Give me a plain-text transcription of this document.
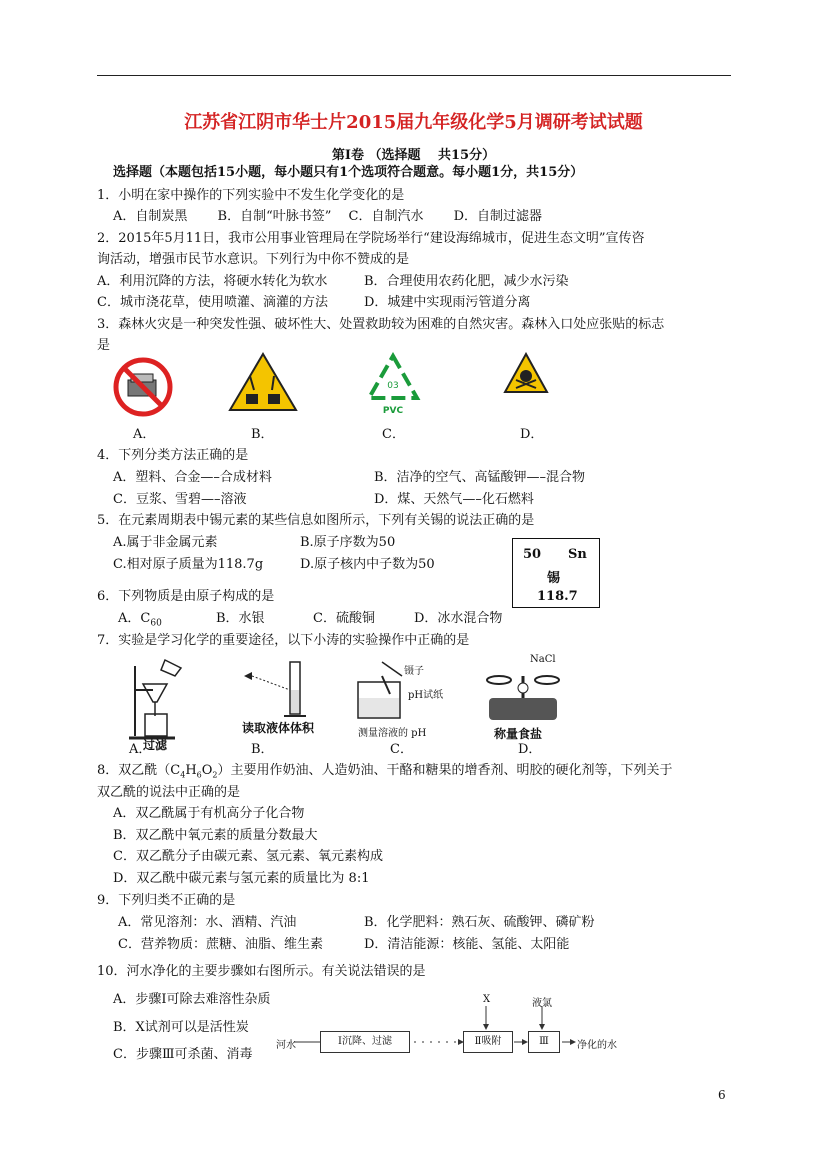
江苏省江阴市华士片2015届九年级化学5月调研考试试题
第Ⅰ卷 （选择题　 共15分）
选择题（本题包括15小题，每小题只有1个选项符合题意。每小题1分，共15分）
1．小明在家中操作的下列实验中不发生化学变化的是
A．自制炭黑　　 B．自制“叶脉书签”　 C．自制汽水　　 D．自制过滤器
2．2015年5月11日，我市公用事业管理局在学院场举行“建设海绵城市，促进生态文明”宣传咨
询活动，增强市民节水意识。下列行为中你不赞成的是
A．利用沉降的方法，将硬水转化为软水	B．合理使用农药化肥，减少水污染
C．城市浇花草，使用喷灌、滴灌的方法	D．城建中实现雨污管道分离
3．森林火灾是一种突发性强、破坏性大、处置救助较为困难的自然灾害。森林入口处应张贴的标志
是
03
PVC
A．	B．	C．	D．
4．下列分类方法正确的是
A．塑料、合金—–合成材料	B．洁净的空气、高锰酸钾—–混合物
C．豆浆、雪碧—–溶液	D．煤、天然气—–化石燃料
5．在元素周期表中锡元素的某些信息如图所示，下列有关锡的说法正确的是
A.属于非金属元素	B.原子序数为50
C.相对原子质量为118.7g	D.原子核内中子数为50
50 Sn
锡
118.7
6．下列物质是由原子构成的是
A．$C_{60}$	B．水银	C．硫酸铜	D．冰水混合物
7．实验是学习化学的重要途径，以下小涛的实验操作中正确的是
过滤
读取液体体积
镊子
pH试纸
测量溶液的 pH
NaCl
称量食盐
A．	B．	C．	D．
8．双乙酰$(C_4H_6O_2)$主要用作奶油、人造奶油、干酪和糖果的增香剂、明胶的硬化剂等，下列关于
双乙酰的说法中正确的是
A．双乙酰属于有机高分子化合物
B．双乙酰中氧元素的质量分数最大
C．双乙酰分子由碳元素、氢元素、氧元素构成
D．双乙酰中碳元素与氢元素的质量比为 8:1
9．下列归类不正确的是
A．常见溶剂：水、酒精、汽油	B．化学肥料：熟石灰、硫酸钾、磷矿粉
C．营养物质：蔗糖、油脂、维生素	D．清洁能源：核能、氢能、太阳能
10．河水净化的主要步骤如右图所示。有关说法错误的是
A．步骤Ⅰ可除去难溶性杂质
B．X试剂可以是活性炭
C．步骤Ⅲ可杀菌、消毒
河水	Ⅰ沉降、过滤	Ⅱ吸附	Ⅲ	净化的水
X	液氯
6
